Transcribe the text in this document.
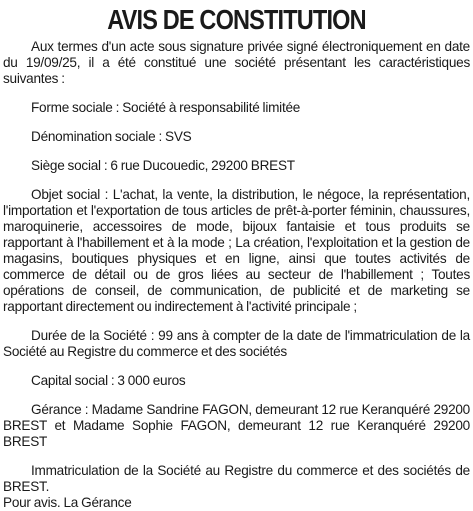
AVIS DE CONSTITUTION

Aux termes d'un acte sous signature privée signé électroniquement en date du 19/09/25, il a été constitué une société présentant les caractéristiques suivantes :

Forme sociale : Société à responsabilité limitée

Dénomination sociale : SVS

Siège social : 6 rue Ducouedic, 29200 BREST

Objet social : L'achat, la vente, la distribution, le négoce, la représentation, l'importation et l'exportation de tous articles de prêt-à-porter féminin, chaussures, maroquinerie, accessoires de mode, bijoux fantaisie et tous produits se rapportant à l'habillement et à la mode ; La création, l'exploitation et la gestion de magasins, boutiques physiques et en ligne, ainsi que toutes activités de commerce de détail ou de gros liées au secteur de l'habillement ; Toutes opérations de conseil, de communication, de publicité et de marketing se rapportant directement ou indirectement à l'activité principale ;

Durée de la Société : 99 ans à compter de la date de l'immatriculation de la Société au Registre du commerce et des sociétés

Capital social : 3 000 euros

Gérance : Madame Sandrine FAGON, demeurant 12 rue Keranquéré 29200 BREST et Madame Sophie FAGON, demeurant 12 rue Keranquéré 29200 BREST

Immatriculation de la Société au Registre du commerce et des sociétés de BREST.

Pour avis. La Gérance
